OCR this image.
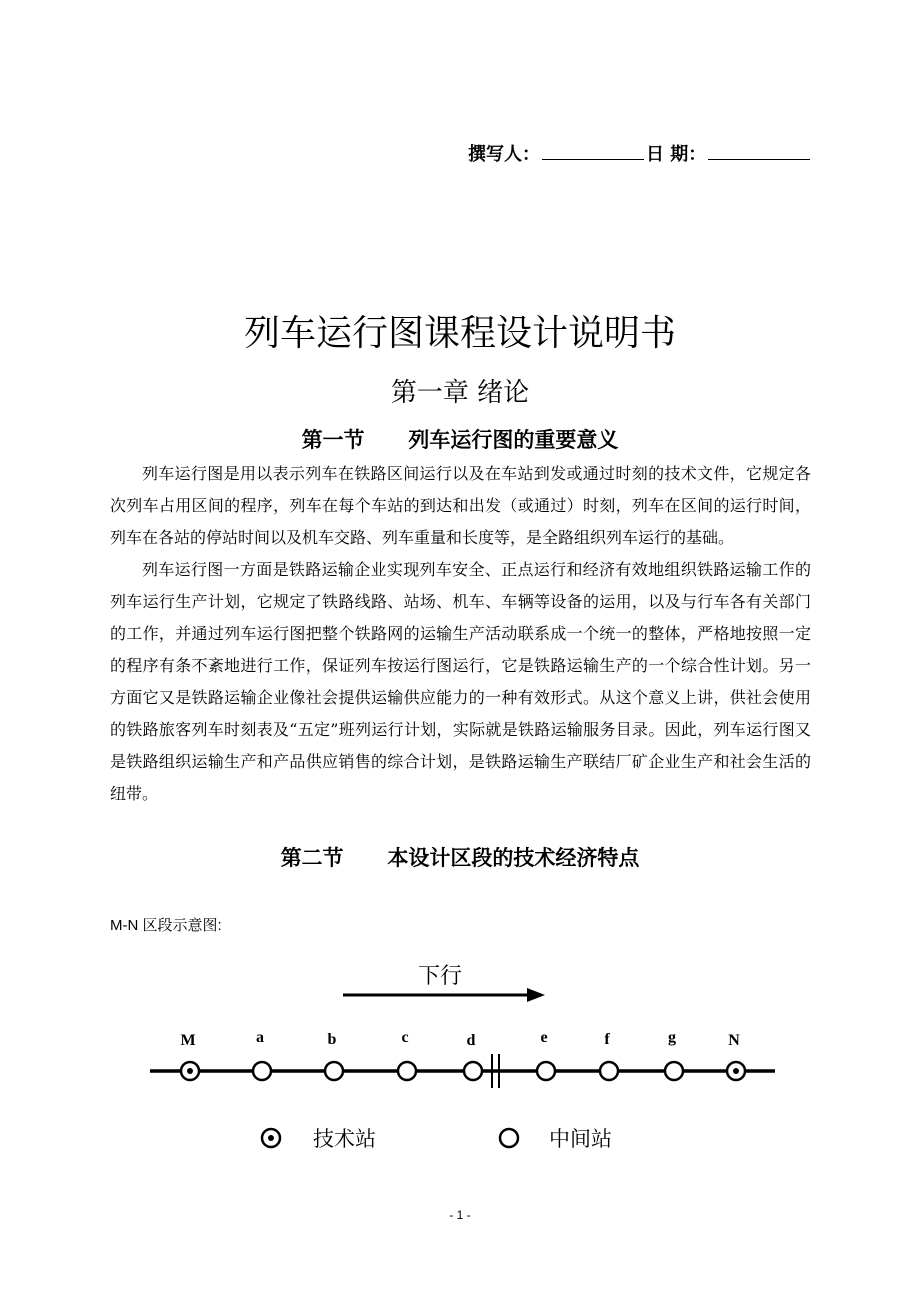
撰写人：	日 期：
列车运行图课程设计说明书
第一章 绪论
第一节      列车运行图的重要意义

列车运行图是用以表示列车在铁路区间运行以及在车站到发或通过时刻的技术文件，它规定各次列车占用区间的程序，列车在每个车站的到达和出发（或通过）时刻，列车在区间的运行时间，列车在各站的停站时间以及机车交路、列车重量和长度等，是全路组织列车运行的基础。

列车运行图一方面是铁路运输企业实现列车安全、正点运行和经济有效地组织铁路运输工作的列车运行生产计划，它规定了铁路线路、站场、机车、车辆等设备的运用，以及与行车各有关部门的工作，并通过列车运行图把整个铁路网的运输生产活动联系成一个统一的整体，严格地按照一定的程序有条不紊地进行工作，保证列车按运行图运行，它是铁路运输生产的一个综合性计划。另一方面它又是铁路运输企业像社会提供运输供应能力的一种有效形式。从这个意义上讲，供社会使用的铁路旅客列车时刻表及“五定”班列运行计划，实际就是铁路运输服务目录。因此，列车运行图又是铁路组织运输生产和产品供应销售的综合计划，是铁路运输生产联结厂矿企业生产和社会生活的纽带。

第二节      本设计区段的技术经济特点
M-N 区段示意图:
下行
M	a	b	c	d	e	f	g	N
技术站	中间站
- 1 -
